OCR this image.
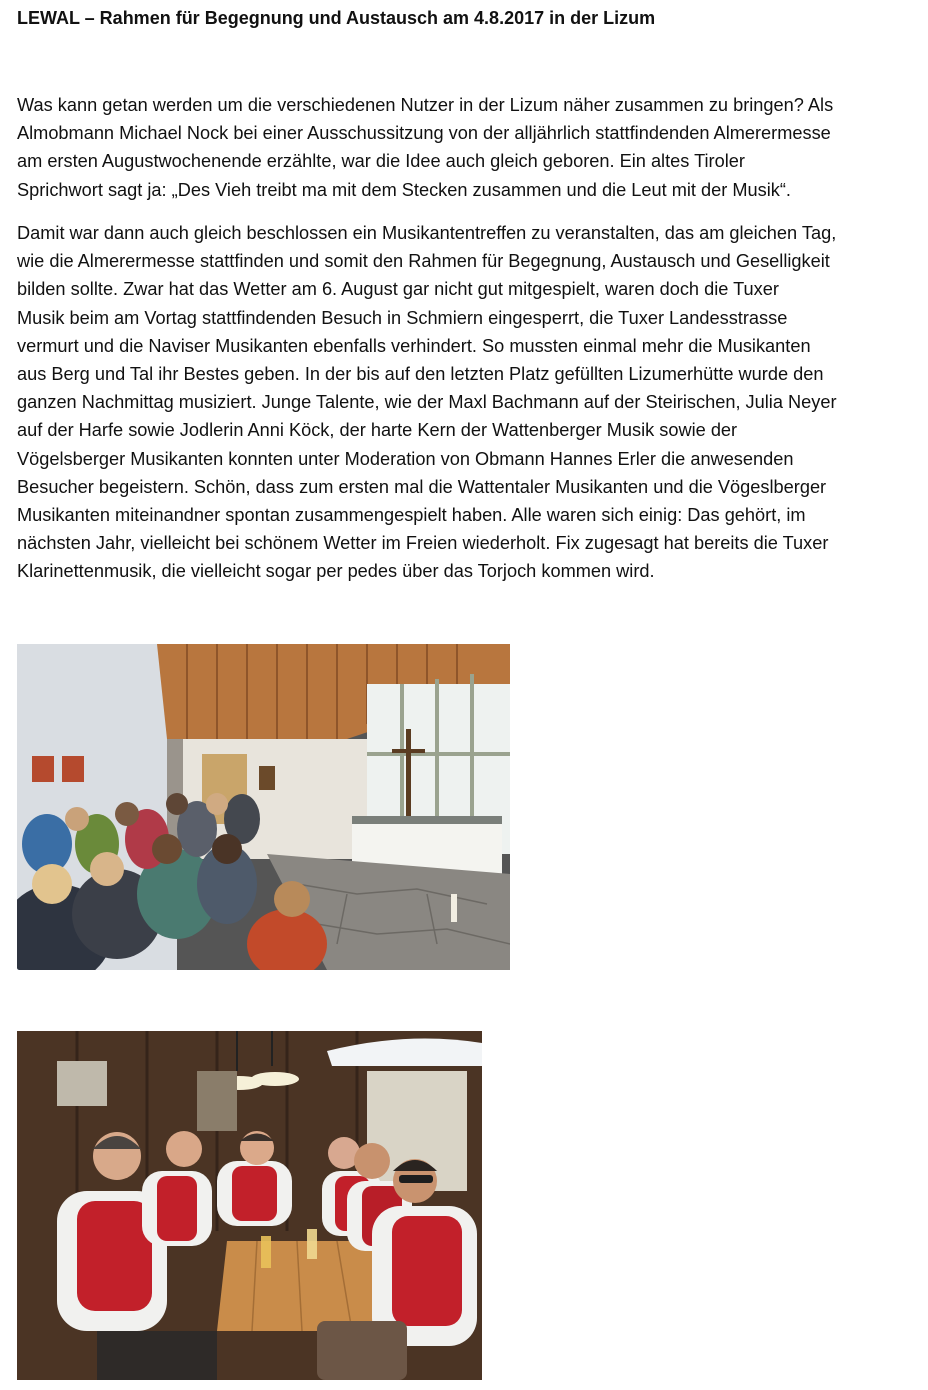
LEWAL – Rahmen für Begegnung und Austausch am 4.8.2017 in der Lizum

Was kann getan werden um die verschiedenen Nutzer in der Lizum näher zusammen zu bringen? Als
Almobmann Michael Nock bei einer Ausschussitzung von der alljährlich stattfindenden Almerermesse
am ersten Augustwochenende erzählte, war die Idee auch gleich geboren. Ein altes Tiroler
Sprichwort sagt ja: „Des Vieh treibt ma mit dem Stecken zusammen und die Leut mit der Musik“.

Damit war dann auch gleich beschlossen ein Musikantentreffen zu veranstalten, das am gleichen Tag,
wie die Almerermesse stattfinden und somit den Rahmen für Begegnung, Austausch und Geselligkeit
bilden sollte. Zwar hat das Wetter am 6. August gar nicht gut mitgespielt, waren doch die Tuxer
Musik beim am Vortag stattfindenden Besuch in Schmiern eingesperrt, die Tuxer Landesstrasse
vermurt und die Naviser Musikanten ebenfalls verhindert. So mussten einmal mehr die Musikanten
aus Berg und Tal ihr Bestes geben. In der bis auf den letzten Platz gefüllten Lizumerhütte wurde den
ganzen Nachmittag musiziert. Junge Talente, wie der Maxl Bachmann auf der Steirischen, Julia Neyer
auf der Harfe sowie Jodlerin Anni Köck, der harte Kern der Wattenberger Musik sowie der
Vögelsberger Musikanten konnten unter Moderation von Obmann Hannes Erler die anwesenden
Besucher begeistern. Schön, dass zum ersten mal die Wattentaler Musikanten und die Vögeslberger
Musikanten miteinandner spontan zusammengespielt haben. Alle waren sich einig: Das gehört, im
nächsten Jahr, vielleicht bei schönem Wetter im Freien wiederholt. Fix zugesagt hat bereits die Tuxer
Klarinettenmusik, die vielleicht sogar per pedes über das Torjoch kommen wird.
